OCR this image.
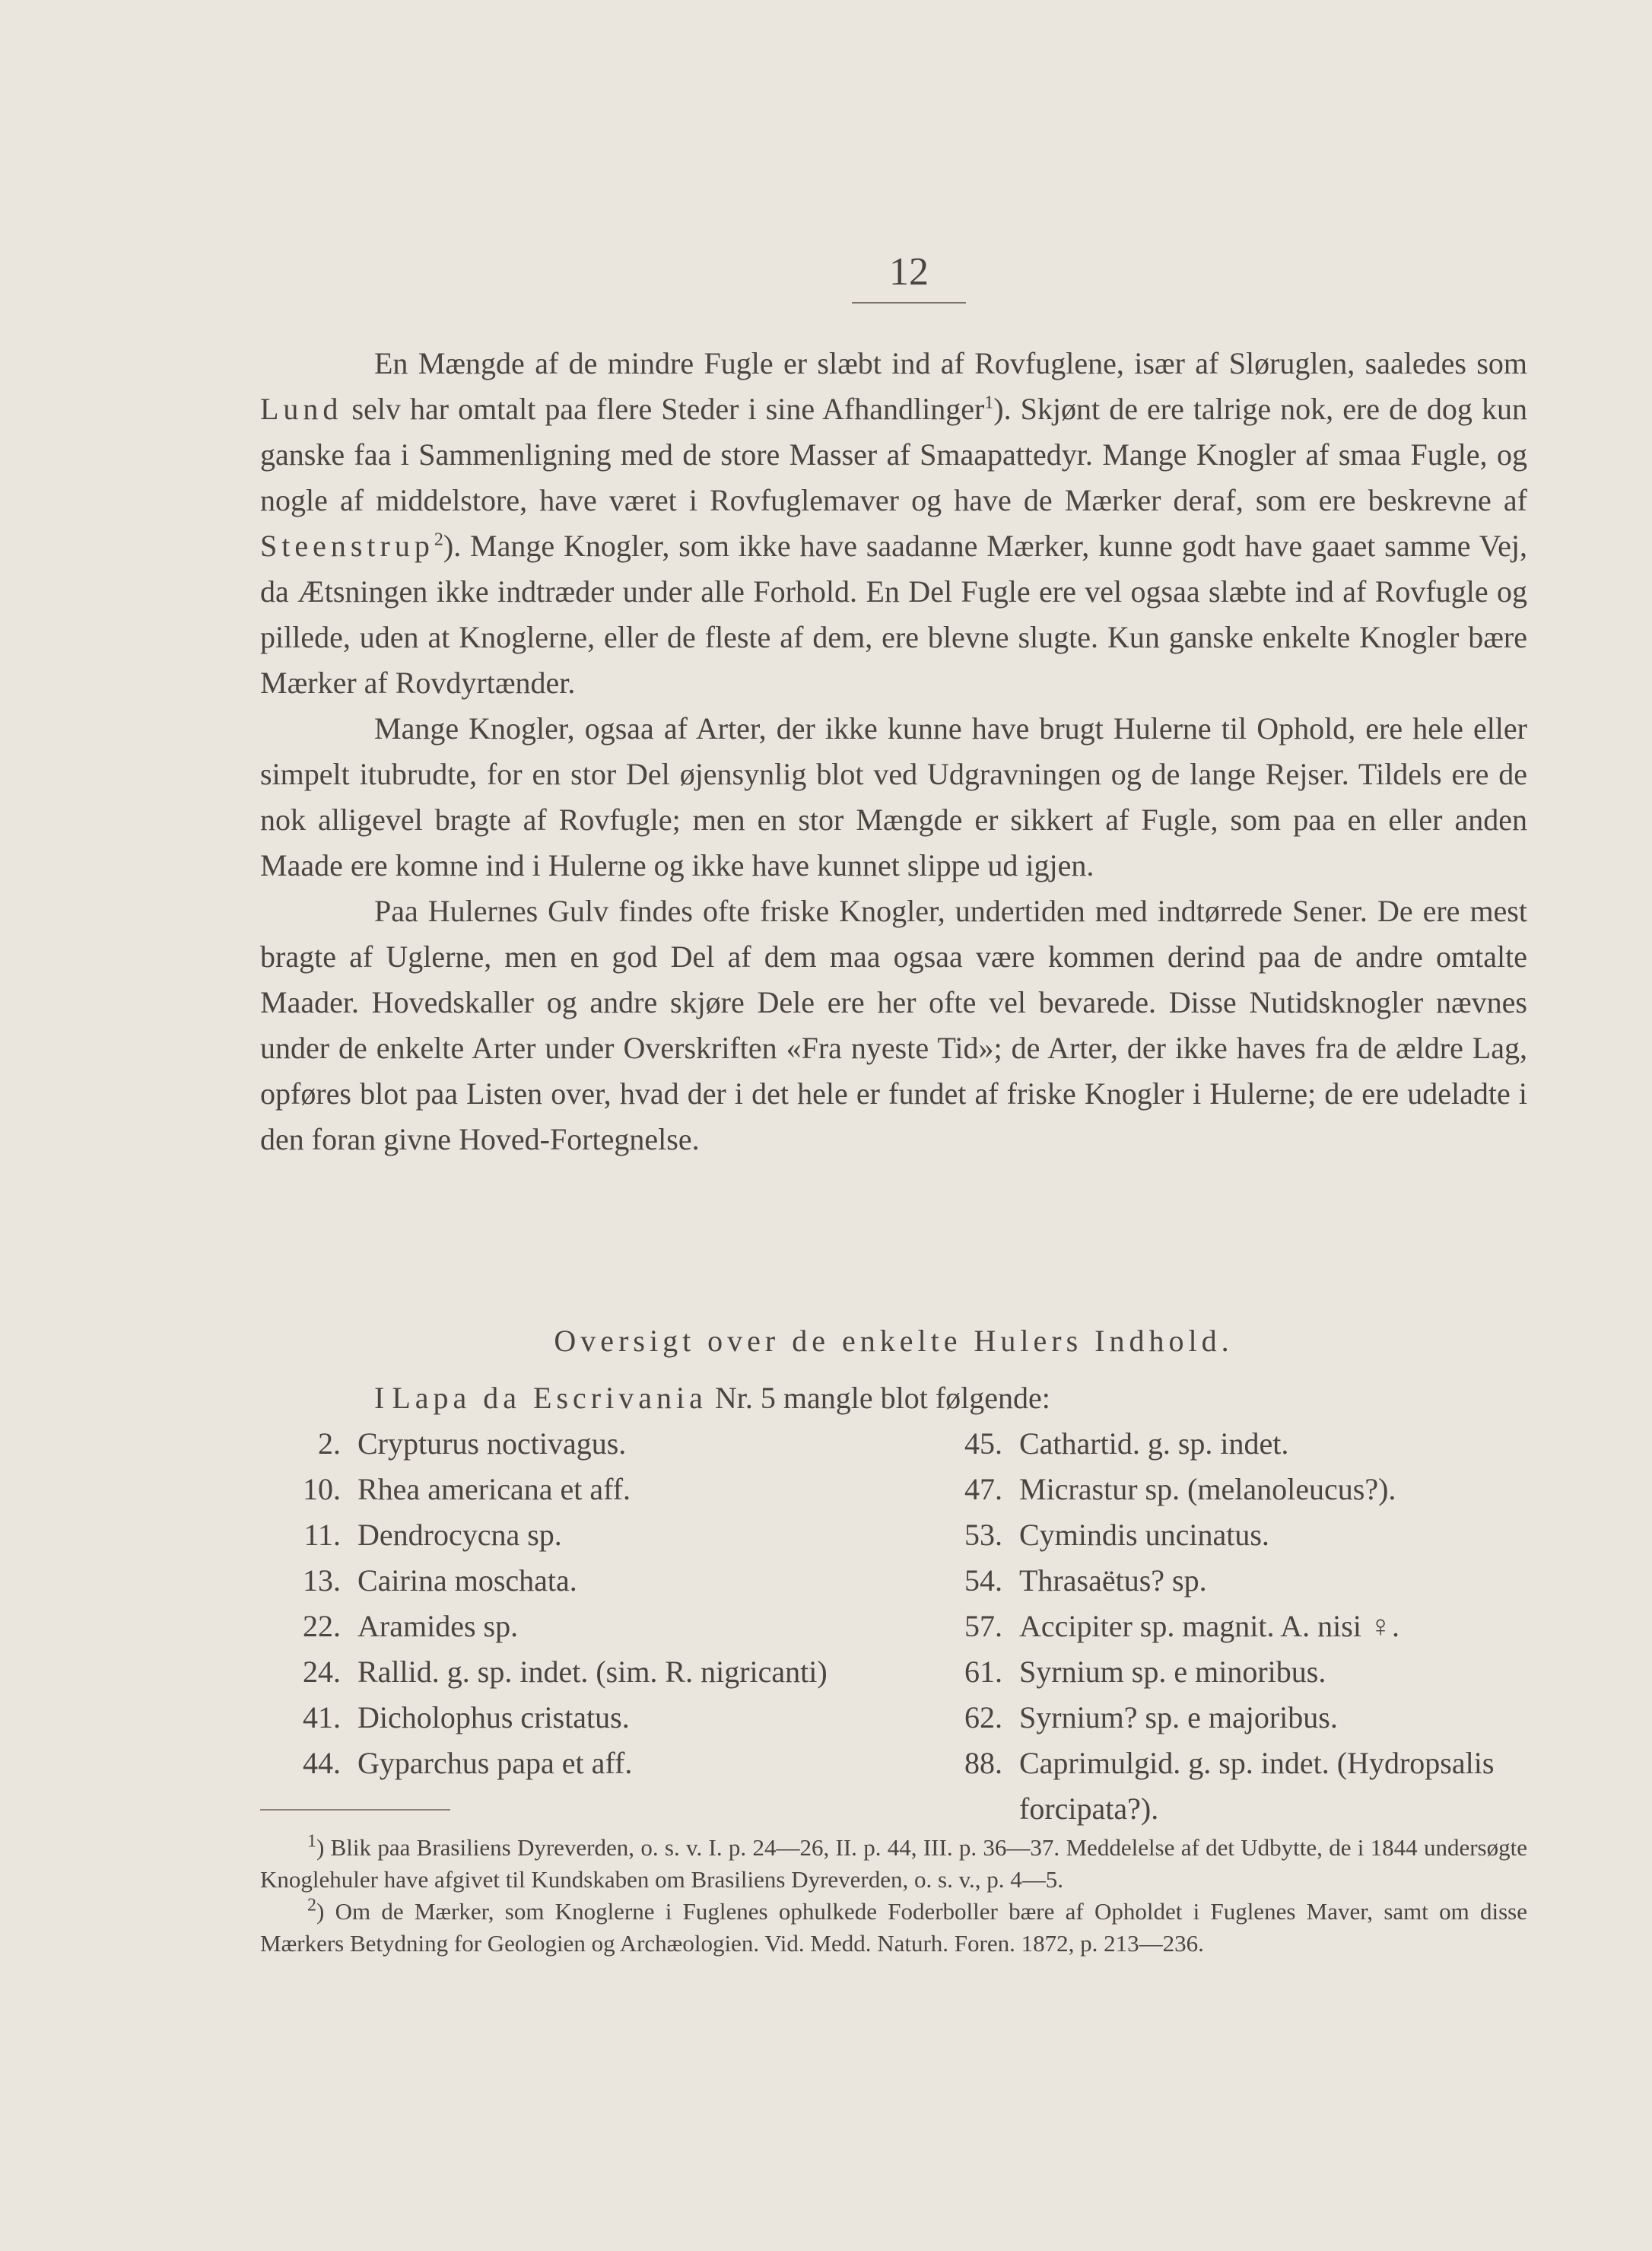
12

En Mængde af de mindre Fugle er slæbt ind af Rovfuglene, især af Sløruglen, saaledes som Lund selv har omtalt paa flere Steder i sine Afhandlinger$^1$). Skjønt de ere talrige nok, ere de dog kun ganske faa i Sammenligning med de store Masser af Smaapattedyr. Mange Knogler af smaa Fugle, og nogle af middelstore, have været i Rovfuglemaver og have de Mærker deraf, som ere beskrevne af Steenstrup$^2$). Mange Knogler, som ikke have saadanne Mærker, kunne godt have gaaet samme Vej, da Ætsningen ikke indtræder under alle Forhold. En Del Fugle ere vel ogsaa slæbte ind af Rovfugle og pillede, uden at Knoglerne, eller de fleste af dem, ere blevne slugte. Kun ganske enkelte Knogler bære Mærker af Rovdyrtænder.

Mange Knogler, ogsaa af Arter, der ikke kunne have brugt Hulerne til Ophold, ere hele eller simpelt itubrudte, for en stor Del øjensynlig blot ved Udgravningen og de lange Rejser. Tildels ere de nok alligevel bragte af Rovfugle; men en stor Mængde er sikkert af Fugle, som paa en eller anden Maade ere komne ind i Hulerne og ikke have kunnet slippe ud igjen.

Paa Hulernes Gulv findes ofte friske Knogler, undertiden med indtørrede Sener. De ere mest bragte af Uglerne, men en god Del af dem maa ogsaa være kommen derind paa de andre omtalte Maader. Hovedskaller og andre skjøre Dele ere her ofte vel bevarede. Disse Nutidsknogler nævnes under de enkelte Arter under Overskriften «Fra nyeste Tid»; de Arter, der ikke haves fra de ældre Lag, opføres blot paa Listen over, hvad der i det hele er fundet af friske Knogler i Hulerne; de ere udeladte i den foran givne Hoved-Fortegnelse.

Oversigt over de enkelte Hulers Indhold.
I Lapa da Escrivania Nr. 5 mangle blot følgende:
2. Crypturus noctivagus.
10. Rhea americana et aff.
11. Dendrocycna sp.
13. Cairina moschata.
22. Aramides sp.
24. Rallid. g. sp. indet. (sim. R. nigricanti)
41. Dicholophus cristatus.
44. Gyparchus papa et aff.
45. Cathartid. g. sp. indet.
47. Micrastur sp. (melanoleucus?).
53. Cymindis uncinatus.
54. Thrasaëtus? sp.
57. Accipiter sp. magnit. A. nisi ♀.
61. Syrnium sp. e minoribus.
62. Syrnium? sp. e majoribus.
88. Caprimulgid. g. sp. indet. (Hydropsalis forcipata?).

$^1$) Blik paa Brasiliens Dyreverden, o. s. v. I. p. 24—26, II. p. 44, III. p. 36—37. Meddelelse af det Udbytte, de i 1844 undersøgte Knoglehuler have afgivet til Kundskaben om Brasiliens Dyreverden, o. s. v., p. 4—5.

$^2$) Om de Mærker, som Knoglerne i Fuglenes ophulkede Foderboller bære af Opholdet i Fuglenes Maver, samt om disse Mærkers Betydning for Geologien og Archæologien. Vid. Medd. Naturh. Foren. 1872, p. 213—236.
